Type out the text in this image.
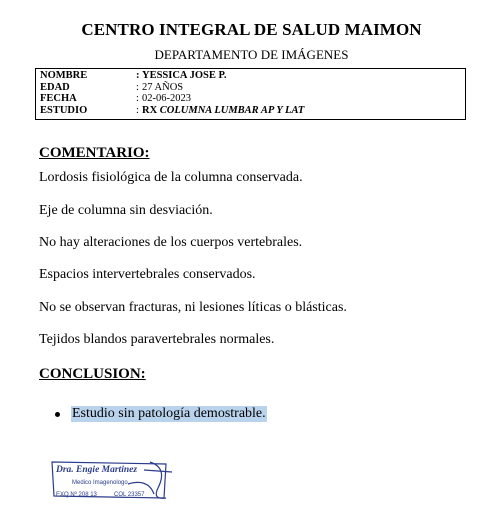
CENTRO INTEGRAL DE SALUD MAIMON
DEPARTAMENTO DE IMÁGENES
NOMBRE	: YESSICA JOSE P.
EDAD	: 27 AÑOS
FECHA	: 02-06-2023
ESTUDIO	: RX COLUMNA LUMBAR AP Y LAT
COMENTARIO:
Lordosis fisiológica de la columna conservada.
Eje de columna sin desviación.
No hay alteraciones de los cuerpos vertebrales.
Espacios intervertebrales conservados.
No se observan fracturas, ni lesiones líticas o blásticas.
Tejidos blandos paravertebrales normales.
CONCLUSION:
Estudio sin patología demostrable.
Dra. Engie Martinez
Medico Imagenologo
EXQ Nº 208 13	COL 23357
